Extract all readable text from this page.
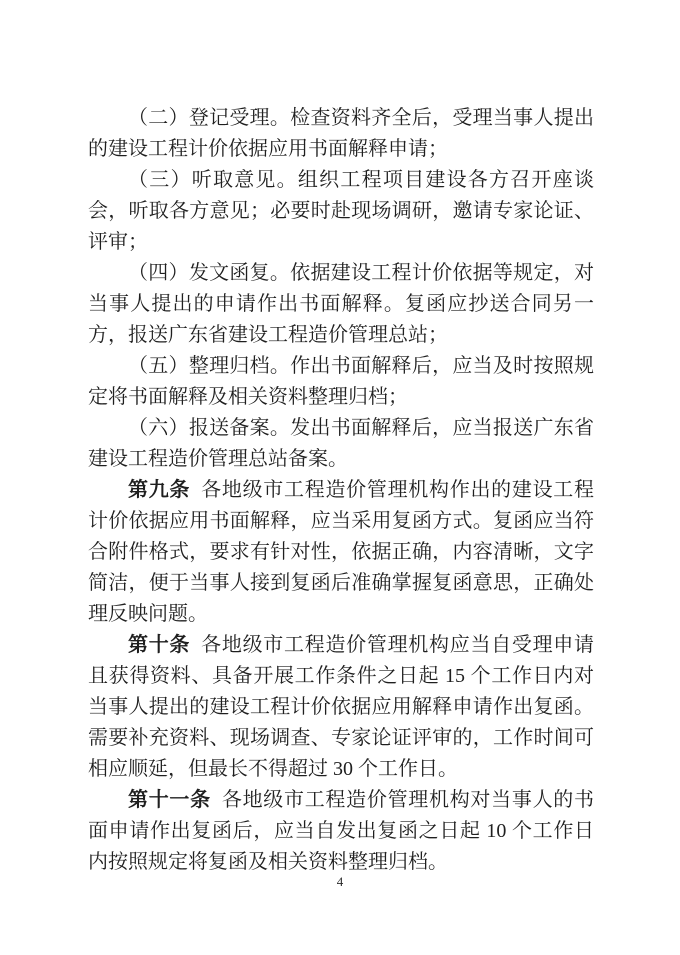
（二）登记受理。检查资料齐全后，受理当事人提出的建设工程计价依据应用书面解释申请；

（三）听取意见。组织工程项目建设各方召开座谈会，听取各方意见；必要时赴现场调研，邀请专家论证、评审；

（四）发文函复。依据建设工程计价依据等规定，对当事人提出的申请作出书面解释。复函应抄送合同另一方，报送广东省建设工程造价管理总站；

（五）整理归档。作出书面解释后，应当及时按照规定将书面解释及相关资料整理归档；

（六）报送备案。发出书面解释后，应当报送广东省建设工程造价管理总站备案。

第九条 各地级市工程造价管理机构作出的建设工程计价依据应用书面解释，应当采用复函方式。复函应当符合附件格式，要求有针对性，依据正确，内容清晰，文字简洁，便于当事人接到复函后准确掌握复函意思，正确处理反映问题。

第十条 各地级市工程造价管理机构应当自受理申请且获得资料、具备开展工作条件之日起 15 个工作日内对当事人提出的建设工程计价依据应用解释申请作出复函。需要补充资料、现场调查、专家论证评审的，工作时间可相应顺延，但最长不得超过 30 个工作日。

第十一条 各地级市工程造价管理机构对当事人的书面申请作出复函后，应当自发出复函之日起 10 个工作日内按照规定将复函及相关资料整理归档。

4
